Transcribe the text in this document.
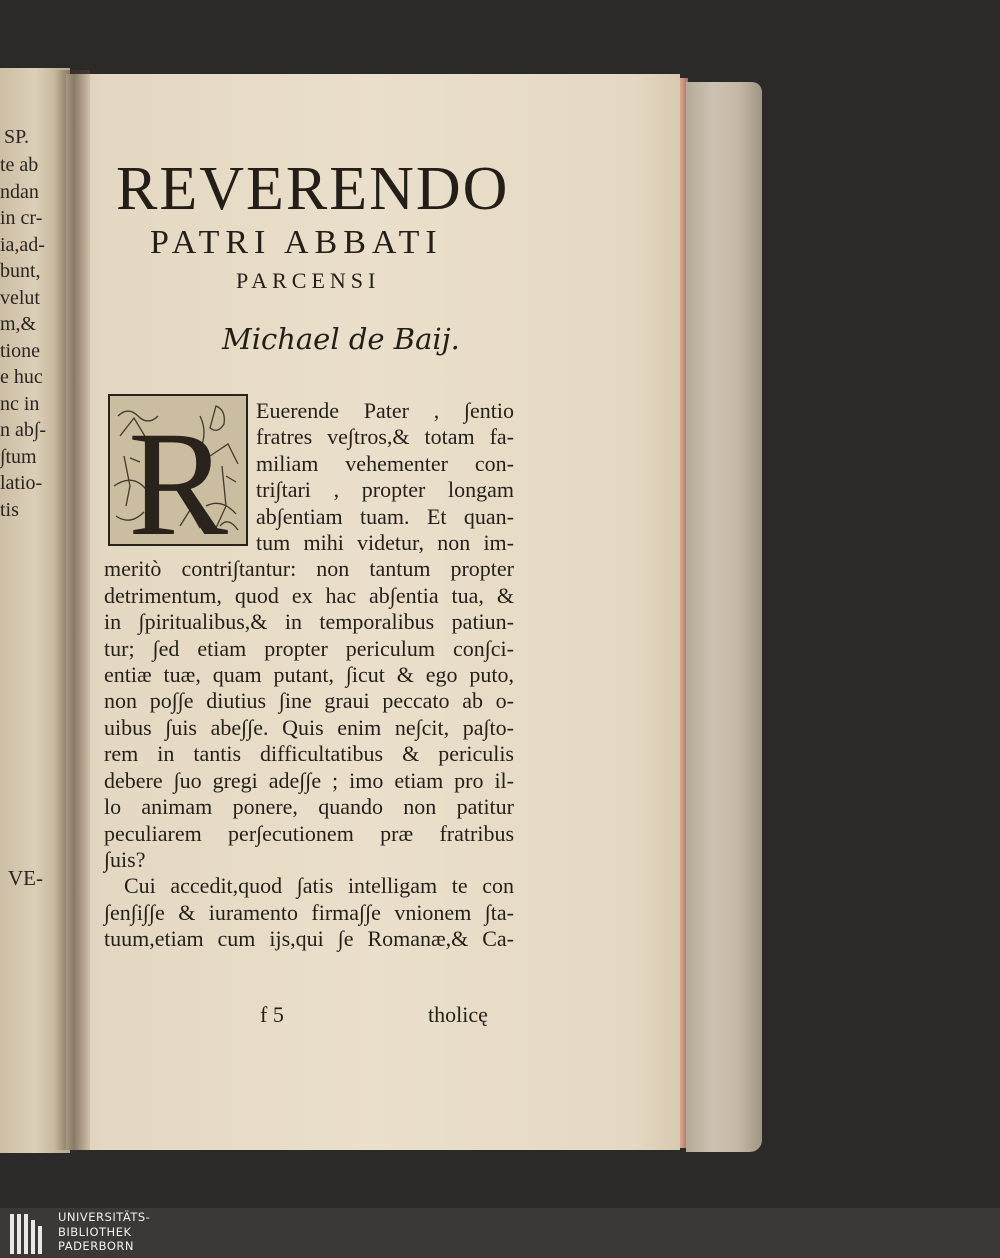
SP.
te ab
ndan
in cr-
ia,ad-
bunt,
velut
m,&
tione
e huc
nc in
n ab∫-
∫tum
latio-
tis
VE-
REVERENDO
PATRI ABBATI
PARCENSI
Michael de Baij.
R Euerende Pater , ∫entio
fratres ve∫tros,& totam fa-
miliam vehementer con-
tri∫tari , propter longam
ab∫entiam tuam. Et quan-
tum mihi videtur, non im-
meritò contri∫tantur: non tantum propter
detrimentum, quod ex hac ab∫entia tua, &
in ∫piritualibus,& in temporalibus patiun-
tur; ∫ed etiam propter periculum con∫ci-
entiæ tuæ, quam putant, ∫icut & ego puto,
non po∫∫e diutius ∫ine graui peccato ab o-
uibus ∫uis abe∫∫e. Quis enim ne∫cit, pa∫to-
rem in tantis difficultatibus & periculis
debere ∫uo gregi ade∫∫e ; imo etiam pro il-
lo animam ponere, quando non patitur
peculiarem per∫ecutionem præ fratribus
∫uis?
Cui accedit,quod ∫atis intelligam te con
∫en∫i∫∫e & iuramento firma∫∫e vnionem ∫ta-
tuum,etiam cum ijs,qui ∫e Romanæ,& Ca-
f 5	tholicę
UNIVERSITÄTS-
BIBLIOTHEK
PADERBORN
